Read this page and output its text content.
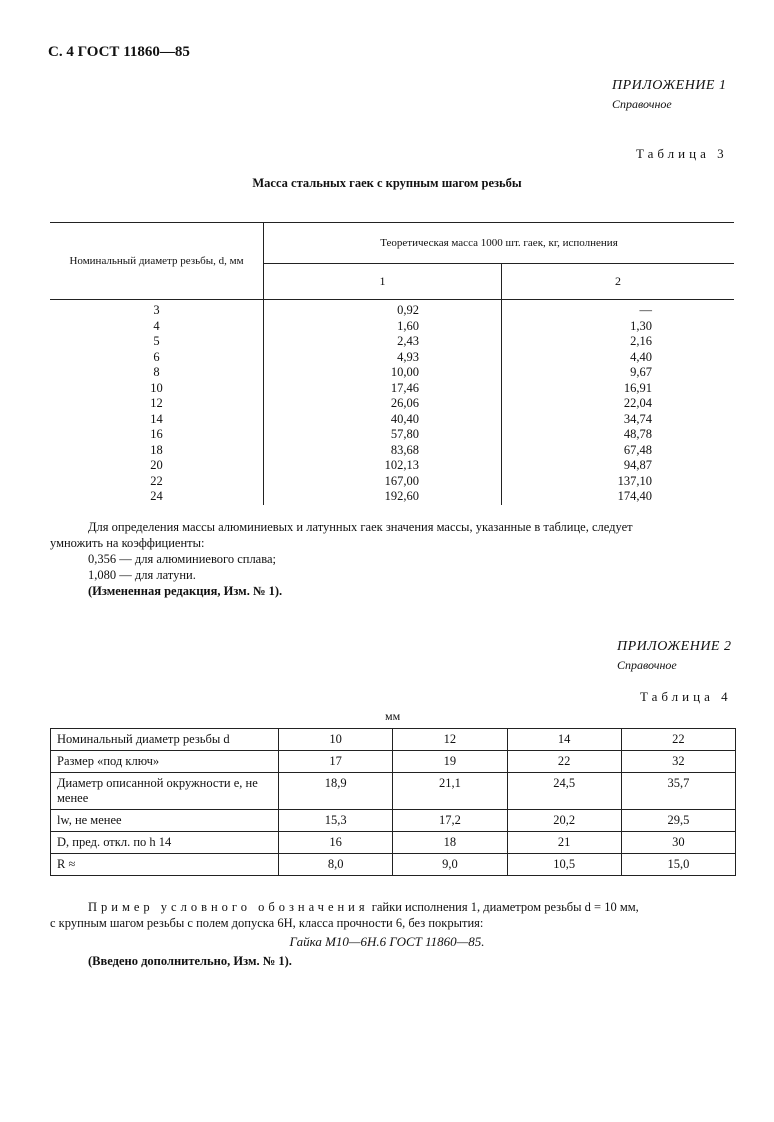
С. 4 ГОСТ 11860—85
ПРИЛОЖЕНИЕ 1
Справочное
Таблица 3
Масса стальных гаек с крупным шагом резьбы
Номинальный диаметр резьбы, d, мм	Теоретическая масса 1000 шт. гаек, кг, исполнения	
	1	2
3	0,92	—
4	1,60	1,30
5	2,43	2,16
6	4,93	4,40
8	10,00	9,67
10	17,46	16,91
12	26,06	22,04
14	40,40	34,74
16	57,80	48,78
18	83,68	67,48
20	102,13	94,87
22	167,00	137,10
24	192,60	174,40
Для определения массы алюминиевых и латунных гаек значения массы, указанные в таблице, следует
умножить на коэффициенты:
0,356 — для алюминиевого сплава;
1,080 — для латуни.
(Измененная редакция, Изм. № 1).
ПРИЛОЖЕНИЕ 2
Справочное
Таблица 4
мм
Номинальный диаметр резьбы d	10	12	14	22
Размер «под ключ»	17	19	22	32
Диаметр описанной окружности e, не менее	18,9	21,1	24,5	35,7
lw, не менее	15,3	17,2	20,2	29,5
D, пред. откл. по h 14	16	18	21	30
R ≈	8,0	9,0	10,5	15,0
Пример условного обозначения гайки исполнения 1, диаметром резьбы d = 10 мм,
с крупным шагом резьбы с полем допуска 6Н, класса прочности 6, без покрытия:
Гайка М10—6Н.6 ГОСТ 11860—85.
(Введено дополнительно, Изм. № 1).
